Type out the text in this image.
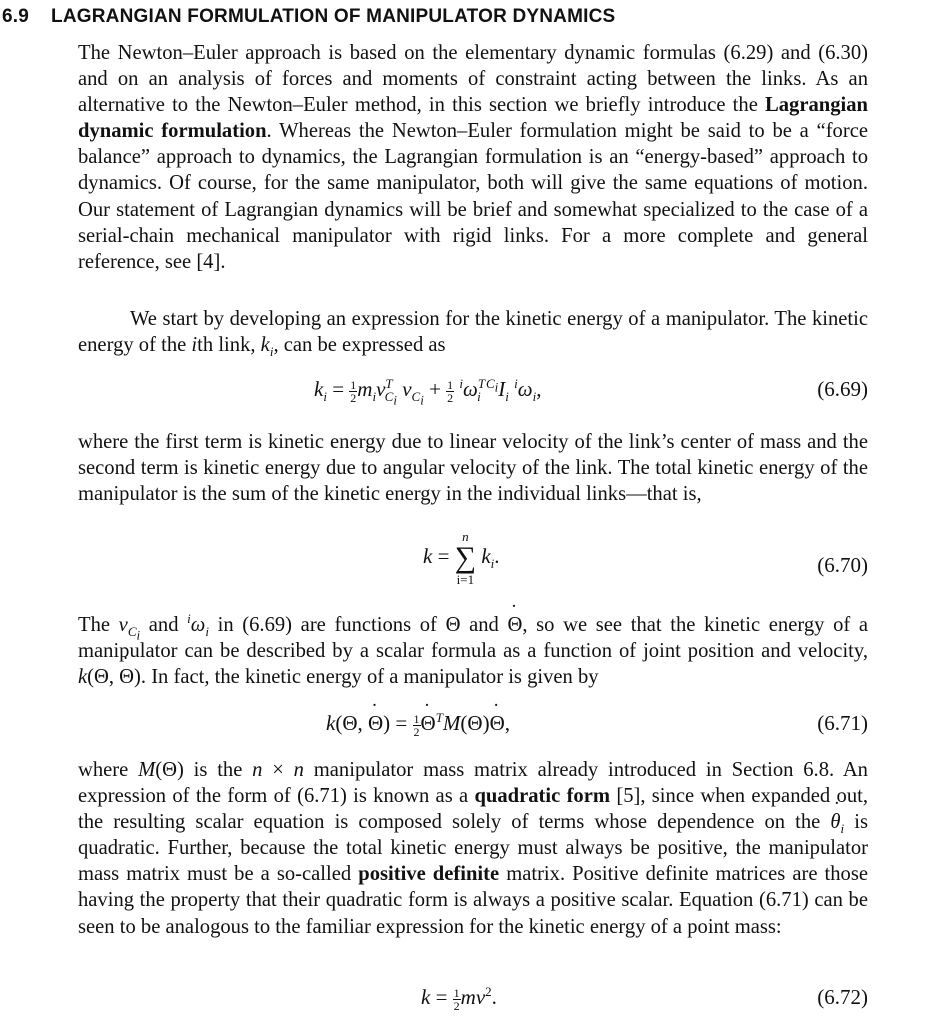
6.9 LAGRANGIAN FORMULATION OF MANIPULATOR DYNAMICS

The Newton–Euler approach is based on the elementary dynamic formulas (6.29) and (6.30) and on an analysis of forces and moments of constraint acting between the links. As an alternative to the Newton–Euler method, in this section we briefly introduce the Lagrangian dynamic formulation. Whereas the Newton–Euler formulation might be said to be a “force balance” approach to dynamics, the Lagrangian formulation is an “energy-based” approach to dynamics. Of course, for the same manipulator, both will give the same equations of motion. Our statement of Lagrangian dynamics will be brief and somewhat specialized to the case of a serial-chain mechanical manipulator with rigid links. For a more complete and general reference, see [4].

We start by developing an expression for the kinetic energy of a manipulator. The kinetic energy of the ith link, $k_i$, can be expressed as

$k_i = \frac{1}{2} m_iv^T_{C_i}$ $v_{C_i} + \frac{1}{2} ^i\omega^T_i$ $^{C_i}I_i$ $^i\omega_i$,	(6.69)

where the first term is kinetic energy due to linear velocity of the link’s center of mass and the second term is kinetic energy due to angular velocity of the link. The total kinetic energy of the manipulator is the sum of the kinetic energy in the individual links—that is,

k =
n
∑
i=1
$k_i$.	(6.70)

The $v_{C_i}$ and $^i\omega_i$ in (6.69) are functions of Θ and ˙ Θ, so we see that the kinetic energy of a manipulator can be described by a scalar formula as a function of joint position and velocity, k(Θ, ˙ Θ). In fact, the kinetic energy of a manipulator is given by

k(Θ, ˙ $\Theta) = \frac{1}{2}$
˙ $\Theta^TM(\Theta)˙$ Θ,	(6.71)

where M(Θ) is the n × n manipulator mass matrix already introduced in Section 6.8. An expression of the form of (6.71) is known as a quadratic form [5], since when expanded out, the resulting scalar equation is composed solely of terms whose dependence on the ˙ $\theta_i$ is quadratic. Further, because the total kinetic energy must always be positive, the manipulator mass matrix must be a so-called positive definite matrix. Positive definite matrices are those having the property that their quadratic form is always a positive scalar. Equation (6.71) can be seen to be analogous to the familiar expression for the kinetic energy of a point mass:

$k = \frac{1}{2} mv^2$.	(6.72)
